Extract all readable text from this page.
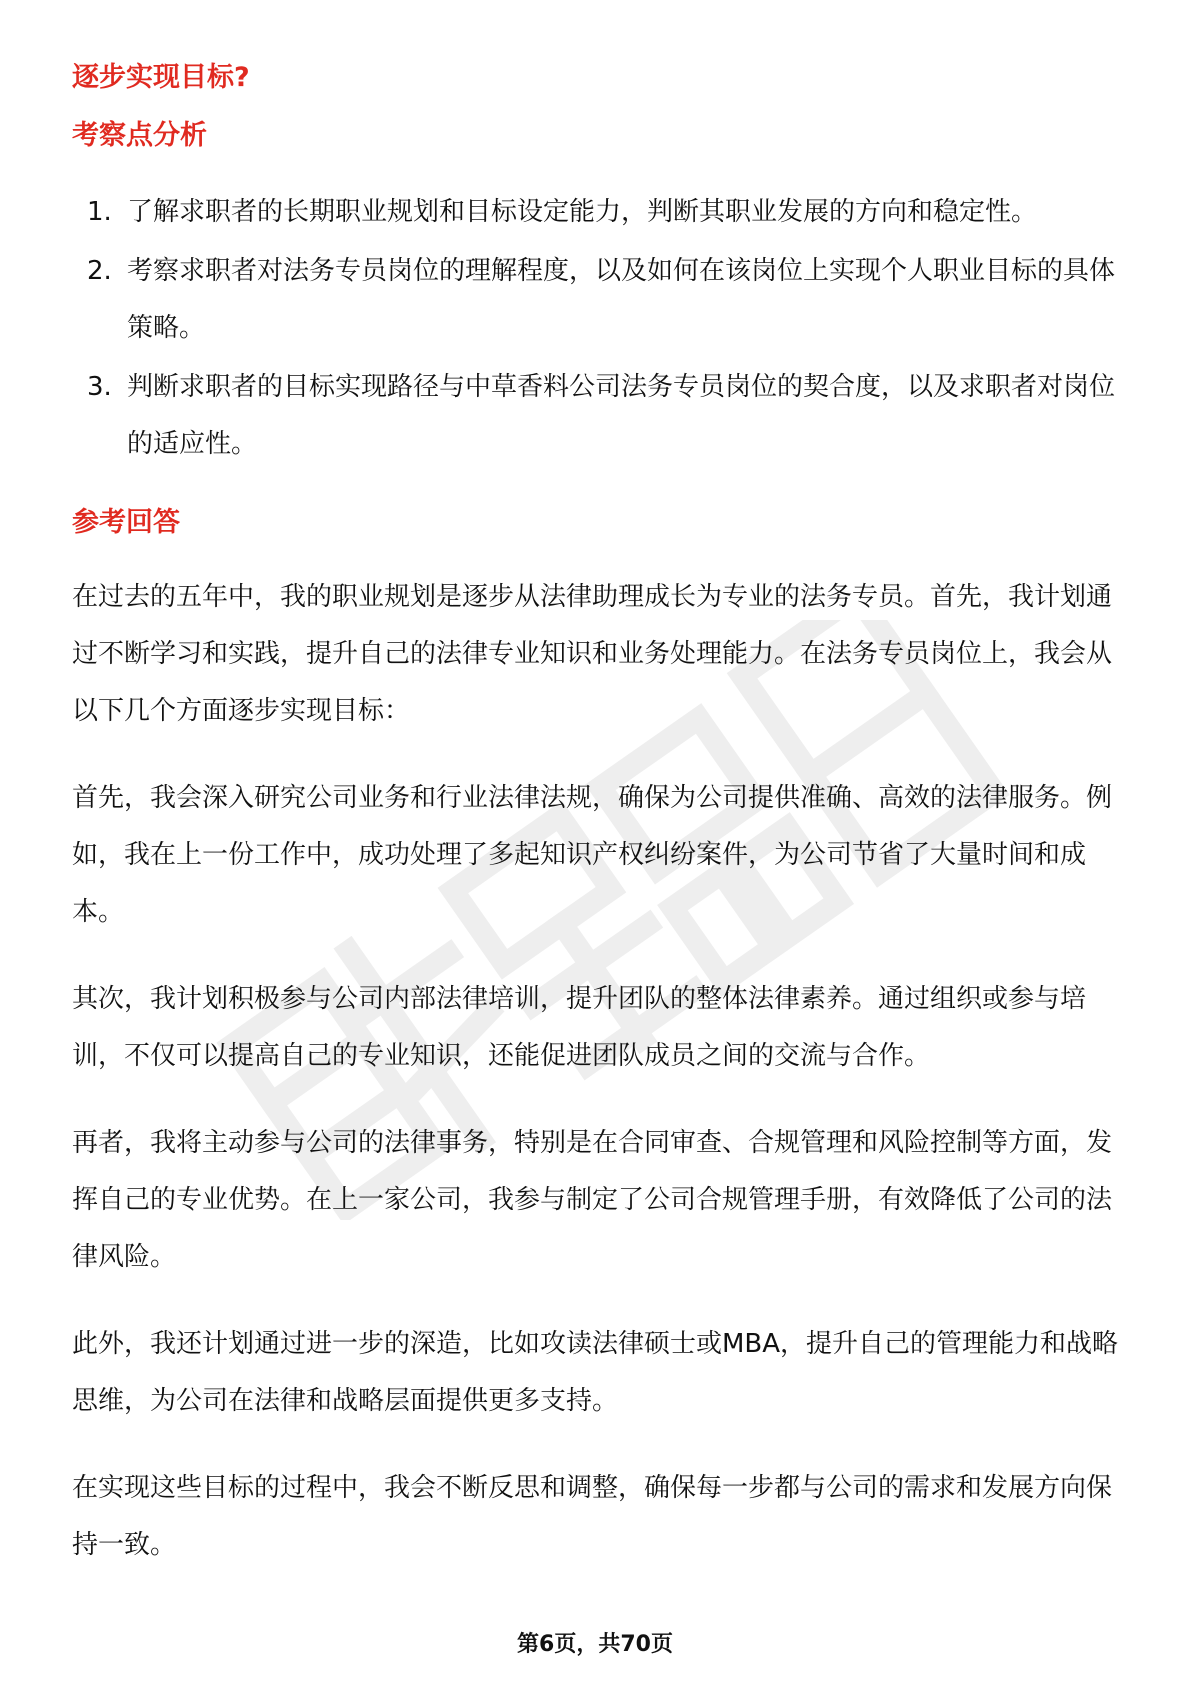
逐步实现目标?
考察点分析
1. 了解求职者的长期职业规划和目标设定能力，判断其职业发展的方向和稳定性。
2. 考察求职者对法务专员岗位的理解程度，以及如何在该岗位上实现个人职业目标的具体策略。
3. 判断求职者的目标实现路径与中草香料公司法务专员岗位的契合度，以及求职者对岗位的适应性。
参考回答

在过去的五年中，我的职业规划是逐步从法律助理成长为专业的法务专员。首先，我计划通过不断学习和实践，提升自己的法律专业知识和业务处理能力。在法务专员岗位上，我会从以下几个方面逐步实现目标：

首先，我会深入研究公司业务和行业法律法规，确保为公司提供准确、高效的法律服务。例如，我在上一份工作中，成功处理了多起知识产权纠纷案件，为公司节省了大量时间和成本。

其次，我计划积极参与公司内部法律培训，提升团队的整体法律素养。通过组织或参与培训，不仅可以提高自己的专业知识，还能促进团队成员之间的交流与合作。

再者，我将主动参与公司的法律事务，特别是在合同审查、合规管理和风险控制等方面，发挥自己的专业优势。在上一家公司，我参与制定了公司合规管理手册，有效降低了公司的法律风险。

此外，我还计划通过进一步的深造，比如攻读法律硕士或MBA，提升自己的管理能力和战略思维，为公司在法律和战略层面提供更多支持。

在实现这些目标的过程中，我会不断反思和调整，确保每一步都与公司的需求和发展方向保持一致。

第6页，共70页
